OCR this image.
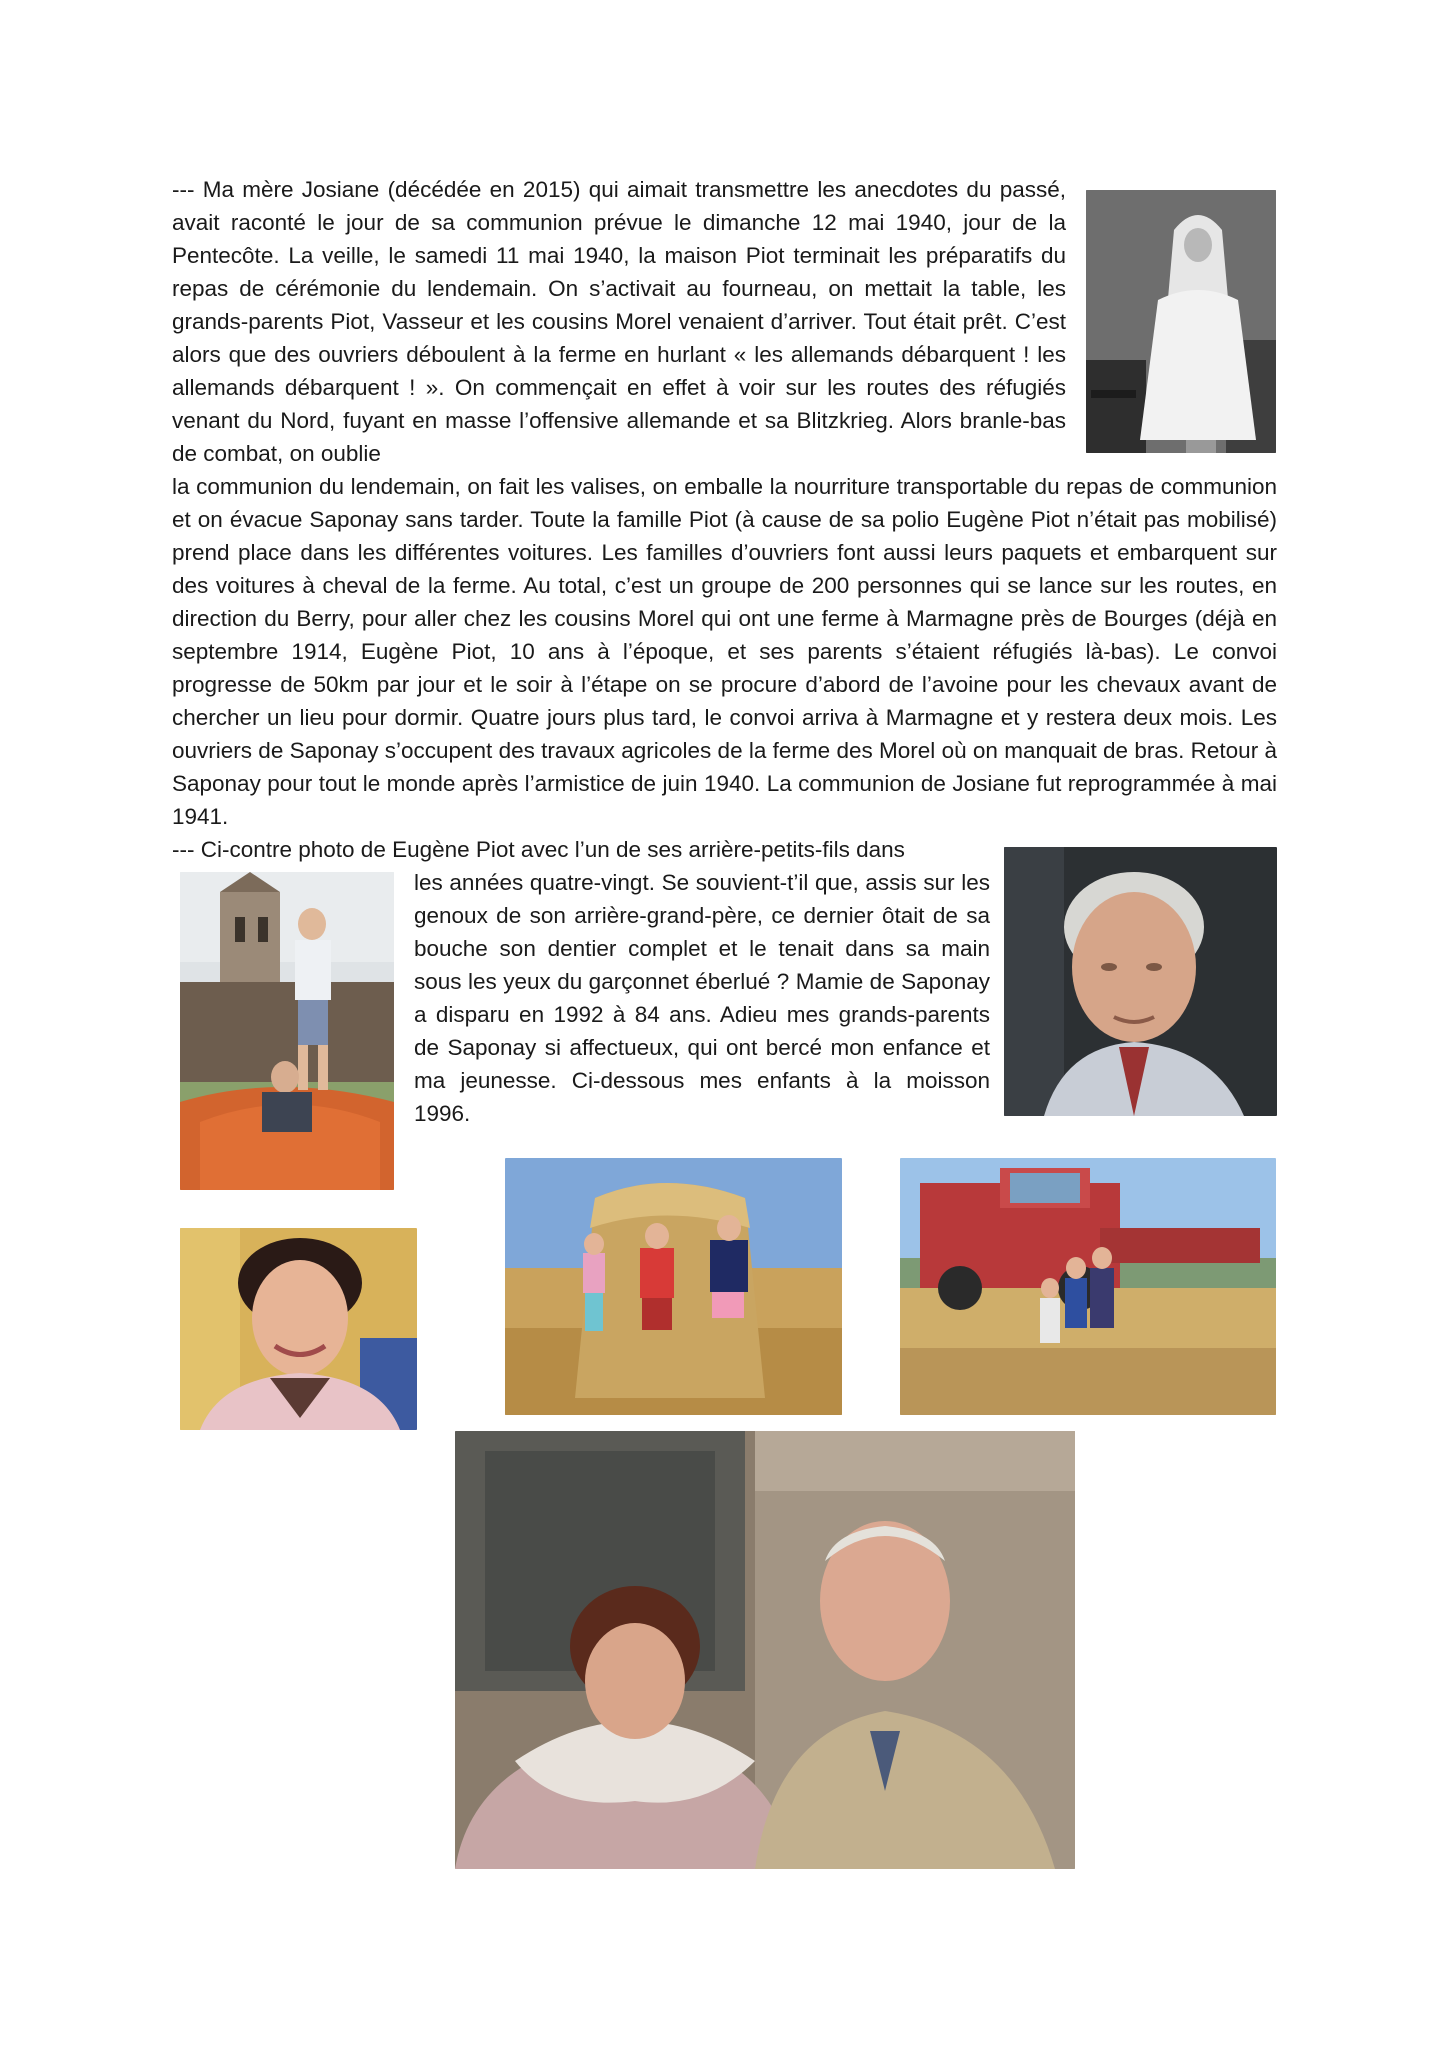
--- Ma mère Josiane (décédée en 2015) qui aimait transmettre les anecdotes du passé, avait raconté le jour de sa communion prévue le dimanche 12 mai 1940, jour de la Pentecôte. La veille, le samedi 11 mai 1940, la maison Piot terminait les préparatifs du repas de cérémonie du lendemain. On s’activait au fourneau, on mettait la table, les grands-parents Piot, Vasseur et les cousins Morel venaient d’arriver. Tout était prêt. C’est alors que des ouvriers déboulent à la ferme en hurlant « les allemands débarquent ! les allemands débarquent ! ». On commençait en effet à voir sur les routes des réfugiés venant du Nord, fuyant en masse l’offensive allemande et sa Blitzkrieg. Alors branle-bas de combat, on oublie

la communion du lendemain, on fait les valises, on emballe la nourriture transportable du repas de communion et on évacue Saponay sans tarder. Toute la famille Piot (à cause de sa polio Eugène Piot n’était pas mobilisé) prend place dans les différentes voitures. Les familles d’ouvriers font aussi leurs paquets et embarquent sur des voitures à cheval de la ferme. Au total, c’est un groupe de 200 personnes qui se lance sur les routes, en direction du Berry, pour aller chez les cousins Morel qui ont une ferme à Marmagne près de Bourges (déjà en septembre 1914, Eugène Piot, 10 ans à l’époque, et ses parents s’étaient réfugiés là-bas). Le convoi progresse de 50km par jour et le soir à l’étape on se procure d’abord de l’avoine pour les chevaux avant de chercher un lieu pour dormir. Quatre jours plus tard, le convoi arriva à Marmagne et y restera deux mois. Les ouvriers de Saponay s’occupent des travaux agricoles de la ferme des Morel où on manquait de bras. Retour à Saponay pour tout le monde après l’armistice de juin 1940. La communion de Josiane fut reprogrammée à mai 1941.

--- Ci-contre photo de Eugène Piot avec l’un de ses arrière-petits-fils dans

les années quatre-vingt. Se souvient-t’il que, assis sur les genoux de son arrière-grand-père, ce dernier ôtait de sa bouche son dentier complet et le tenait dans sa main sous les yeux du garçonnet éberlué ? Mamie de Saponay a disparu en 1992 à 84 ans. Adieu mes grands-parents de Saponay si affectueux, qui ont bercé mon enfance et ma jeunesse. Ci-dessous mes enfants à la moisson 1996.
